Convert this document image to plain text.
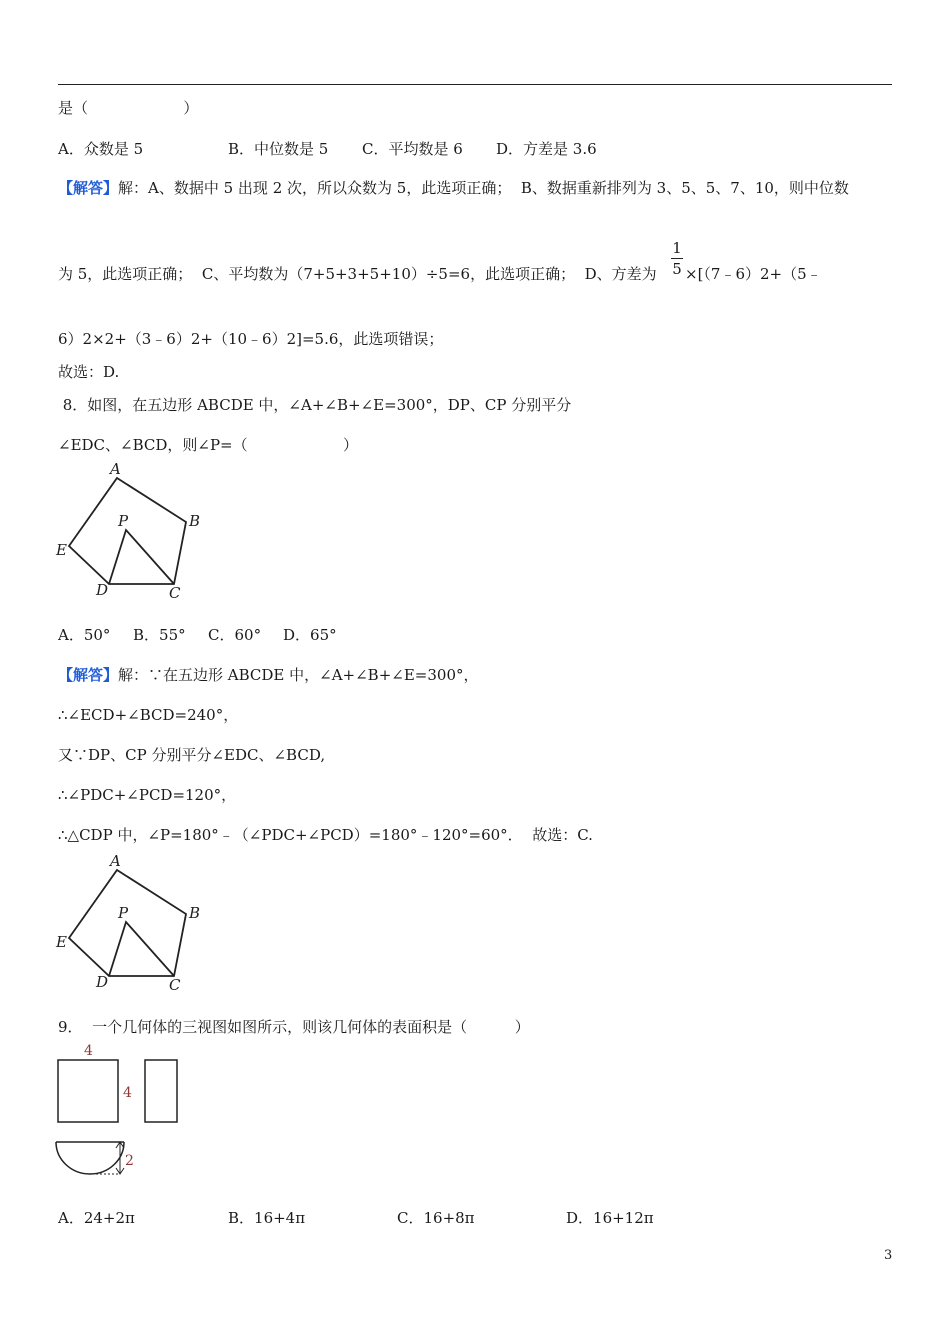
是（                    ）
A．众数是 5	B．中位数是 5 C．平均数是 6 D．方差是 3.6
【解答】解：A、数据中 5 出现 2 次，所以众数为 5，此选项正确；  B、数据重新排列为 3、5、5、7、10，则中位数
为 5，此选项正确；  C、平均数为（7+5+3+5+10）÷5=6，此选项正确；  D、方差为
1
5 ×[（7﹣6）2+（5﹣
6）2×2+（3﹣6）2+（10﹣6）2]=5.6，此选项错误；
故选：D.
8．如图，在五边形 ABCDE 中，∠A+∠B+∠E=300°，DP、CP 分别平分
∠EDC、∠BCD，则∠P=（                    ）
A
B
C
D
E
P
A．50° B．55° C．60° D．65°
【解答】解：∵在五边形 ABCDE 中，∠A+∠B+∠E=300°，
∴∠ECD+∠BCD=240°，
又∵DP、CP 分别平分∠EDC、∠BCD,
∴∠PDC+∠PCD=120°，
∴△CDP 中，∠P=180°﹣（∠PDC+∠PCD）=180°﹣120°=60°．  故选：C.
A
B
C
D
E
P
9．  一个几何体的三视图如图所示，则该几何体的表面积是（          ）
4
4
2
A．24+2π	B．16+4π	C．16+8π	D．16+12π
3
